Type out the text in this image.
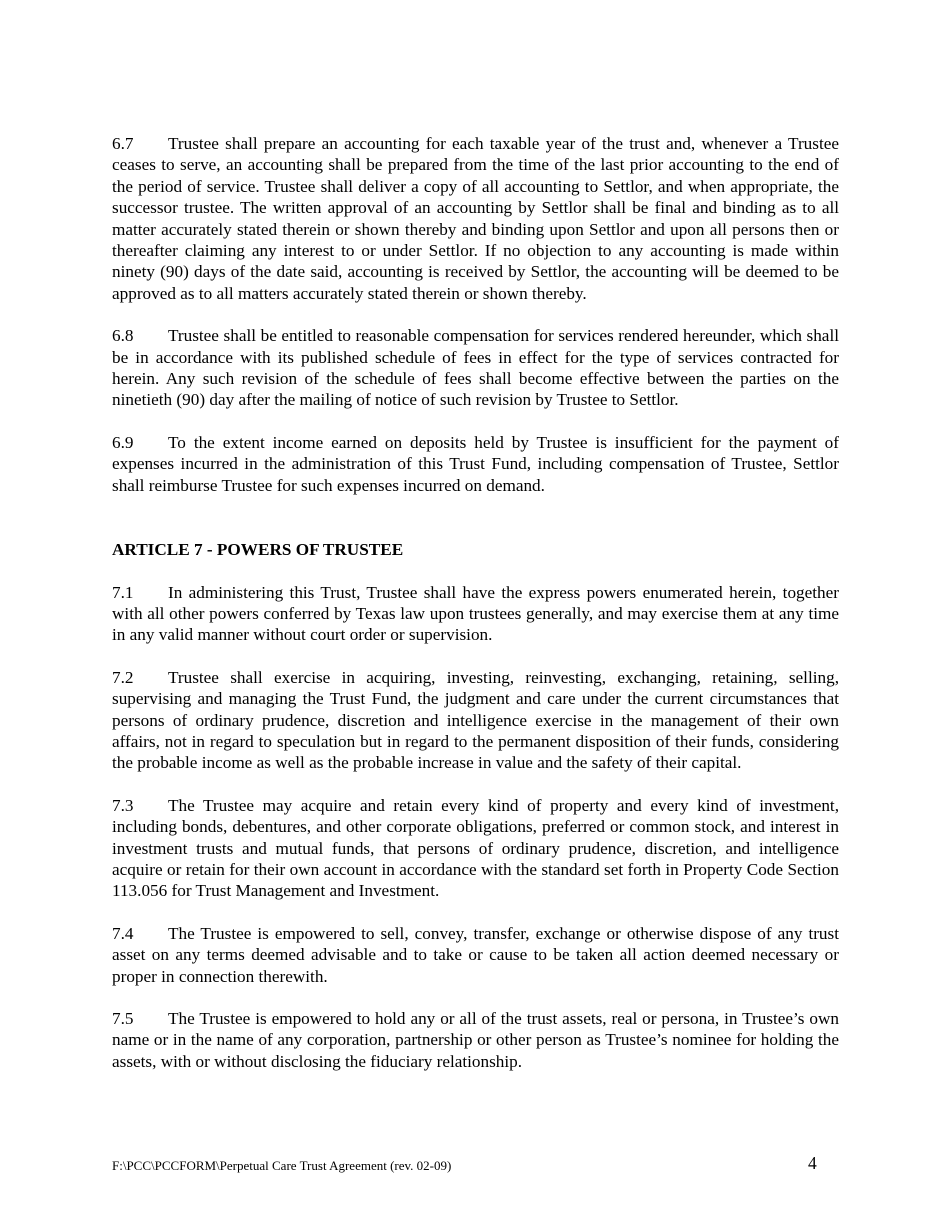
6.7 Trustee shall prepare an accounting for each taxable year of the trust and, whenever a Trustee ceases to serve, an accounting shall be prepared from the time of the last prior accounting to the end of the period of service. Trustee shall deliver a copy of all accounting to Settlor, and when appropriate, the successor trustee. The written approval of an accounting by Settlor shall be final and binding as to all matter accurately stated therein or shown thereby and binding upon Settlor and upon all persons then or thereafter claiming any interest to or under Settlor. If no objection to any accounting is made within ninety (90) days of the date said, accounting is received by Settlor, the accounting will be deemed to be approved as to all matters accurately stated therein or shown thereby.

6.8 Trustee shall be entitled to reasonable compensation for services rendered hereunder, which shall be in accordance with its published schedule of fees in effect for the type of services contracted for herein. Any such revision of the schedule of fees shall become effective between the parties on the ninetieth (90) day after the mailing of notice of such revision by Trustee to Settlor.

6.9 To the extent income earned on deposits held by Trustee is insufficient for the payment of expenses incurred in the administration of this Trust Fund, including compensation of Trustee, Settlor shall reimburse Trustee for such expenses incurred on demand.

ARTICLE 7 - POWERS OF TRUSTEE

7.1 In administering this Trust, Trustee shall have the express powers enumerated herein, together with all other powers conferred by Texas law upon trustees generally, and may exercise them at any time in any valid manner without court order or supervision.

7.2 Trustee shall exercise in acquiring, investing, reinvesting, exchanging, retaining, selling, supervising and managing the Trust Fund, the judgment and care under the current circumstances that persons of ordinary prudence, discretion and intelligence exercise in the management of their own affairs, not in regard to speculation but in regard to the permanent disposition of their funds, considering the probable income as well as the probable increase in value and the safety of their capital.

7.3 The Trustee may acquire and retain every kind of property and every kind of investment, including bonds, debentures, and other corporate obligations, preferred or common stock, and interest in investment trusts and mutual funds, that persons of ordinary prudence, discretion, and intelligence acquire or retain for their own account in accordance with the standard set forth in Property Code Section 113.056 for Trust Management and Investment.

7.4 The Trustee is empowered to sell, convey, transfer, exchange or otherwise dispose of any trust asset on any terms deemed advisable and to take or cause to be taken all action deemed necessary or proper in connection therewith.

7.5 The Trustee is empowered to hold any or all of the trust assets, real or persona, in Trustee’s own name or in the name of any corporation, partnership or other person as Trustee’s nominee for holding the assets, with or without disclosing the fiduciary relationship.

F:\PCC\PCCFORM\Perpetual Care Trust Agreement (rev. 02-09)	4
